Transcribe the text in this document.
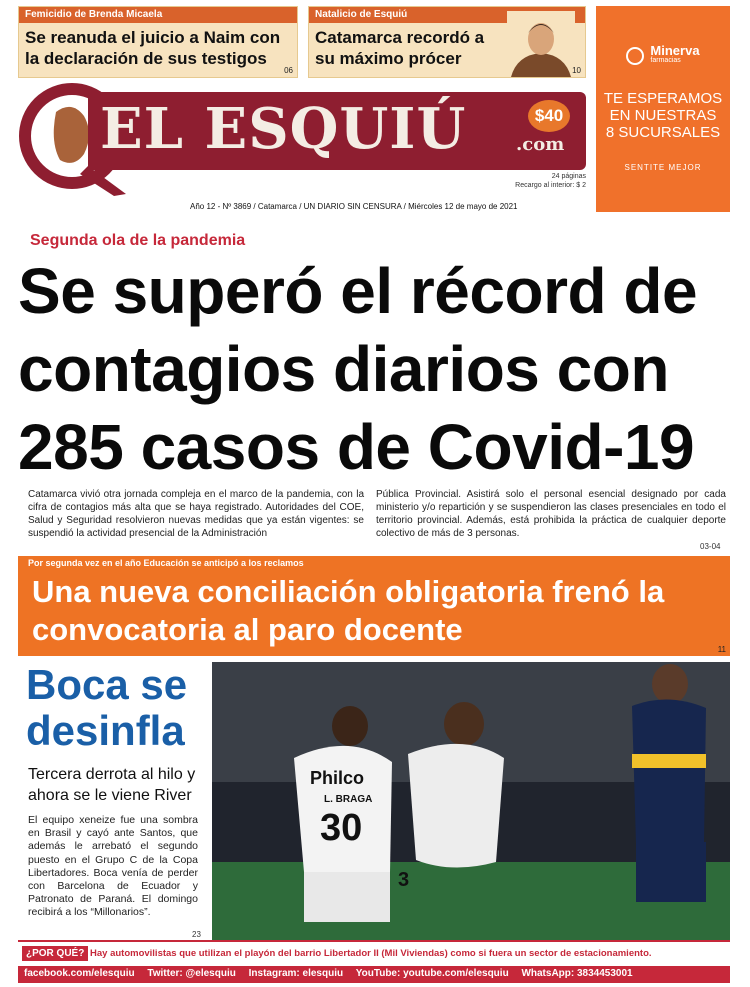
Femicidio de Brenda Micaela
Se reanuda el juicio a Naim con la declaración de sus testigos
06
Natalicio de Esquiú
Catamarca recordó a su máximo prócer
10
Minerva
farmacias
TE ESPERAMOS
EN NUESTRAS
8 SUCURSALES
SENTITE MEJOR
EL ESQUIÚ	.com
$40
24 páginas
Recargo al interior: $ 2
Año 12 - Nº 3869 / Catamarca / UN DIARIO SIN CENSURA / Miércoles 12 de mayo de 2021
Segunda ola de la pandemia
Se superó el récord de contagios diarios con 285 casos de Covid-19
Catamarca vivió otra jornada compleja en el marco de la pandemia, con la cifra de contagios más alta que se haya registrado. Autoridades del COE, Salud y Seguridad resolvieron nuevas medidas que ya están vigentes: se suspendió la actividad presencial de la Administración
Pública Provincial. Asistirá solo el personal esencial designado por cada ministerio y/o repartición y se suspendieron las clases presenciales en todo el territorio provincial. Además, está prohibida la práctica de cualquier deporte colectivo de más de 3 personas.
03-04
Por segunda vez en el año Educación se anticipó a los reclamos
Una nueva conciliación obligatoria frenó la convocatoria al paro docente
11
Boca se
desinfla
Tercera derrota al hilo y ahora se le viene River
El equipo xeneize fue una sombra en Brasil y cayó ante Santos, que además le arrebató el segundo puesto en el Grupo C de la Copa Libertadores. Boca venía de perder con Barcelona de Ecuador y Patronato de Paraná. El domingo recibirá a los “Millonarios”.
23
Philco
L. BRAGA
30
3
¿POR QUÉ? Hay automovilistas que utilizan el playón del barrio Libertador II (Mil Viviendas) como si fuera un sector de estacionamiento.
facebook.com/elesquiu Twitter: @elesquiu Instagram: elesquiu YouTube: youtube.com/elesquiu WhatsApp: 3834453001
